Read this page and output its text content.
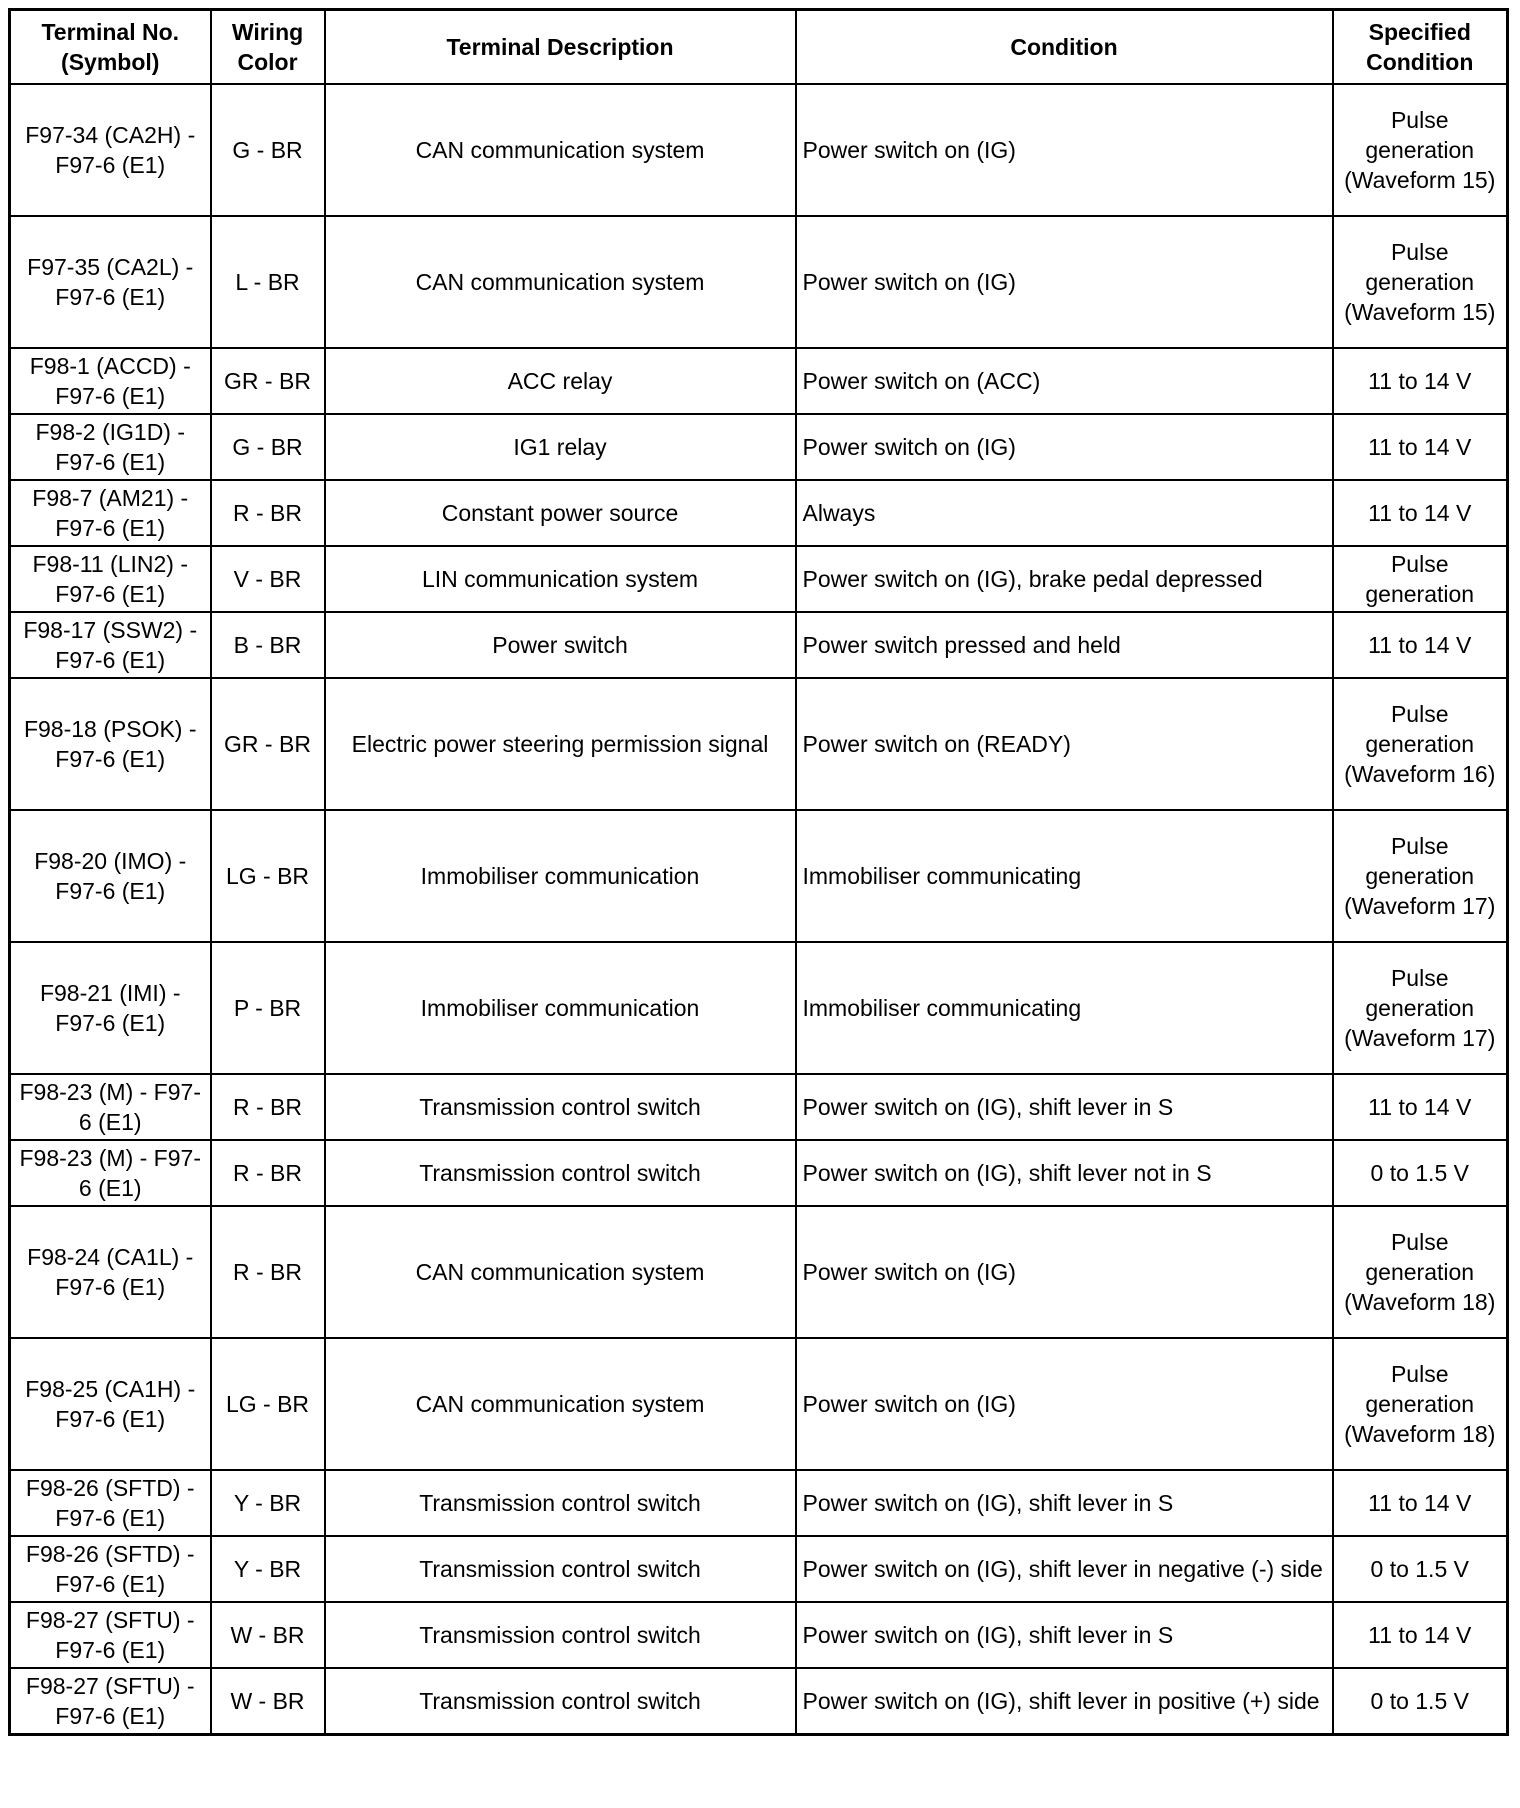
Terminal No. (Symbol)	Wiring Color	Terminal Description	Condition	Specified Condition
F97-34 (CA2H) - F97-6 (E1)	G - BR	CAN communication system	Power switch on (IG)	Pulse generation (Waveform 15)
F97-35 (CA2L) - F97-6 (E1)	L - BR	CAN communication system	Power switch on (IG)	Pulse generation (Waveform 15)
F98-1 (ACCD) - F97-6 (E1)	GR - BR	ACC relay	Power switch on (ACC)	11 to 14 V
F98-2 (IG1D) - F97-6 (E1)	G - BR	IG1 relay	Power switch on (IG)	11 to 14 V
F98-7 (AM21) - F97-6 (E1)	R - BR	Constant power source	Always	11 to 14 V
F98-11 (LIN2) - F97-6 (E1)	V - BR	LIN communication system	Power switch on (IG), brake pedal depressed	Pulse generation
F98-17 (SSW2) - F97-6 (E1)	B - BR	Power switch	Power switch pressed and held	11 to 14 V
F98-18 (PSOK) - F97-6 (E1)	GR - BR	Electric power steering permission signal	Power switch on (READY)	Pulse generation (Waveform 16)
F98-20 (IMO) - F97-6 (E1)	LG - BR	Immobiliser communication	Immobiliser communicating	Pulse generation (Waveform 17)
F98-21 (IMI) - F97-6 (E1)	P - BR	Immobiliser communication	Immobiliser communicating	Pulse generation (Waveform 17)
F98-23 (M) - F97-6 (E1)	R - BR	Transmission control switch	Power switch on (IG), shift lever in S	11 to 14 V
F98-23 (M) - F97-6 (E1)	R - BR	Transmission control switch	Power switch on (IG), shift lever not in S	0 to 1.5 V
F98-24 (CA1L) - F97-6 (E1)	R - BR	CAN communication system	Power switch on (IG)	Pulse generation (Waveform 18)
F98-25 (CA1H) - F97-6 (E1)	LG - BR	CAN communication system	Power switch on (IG)	Pulse generation (Waveform 18)
F98-26 (SFTD) - F97-6 (E1)	Y - BR	Transmission control switch	Power switch on (IG), shift lever in S	11 to 14 V
F98-26 (SFTD) - F97-6 (E1)	Y - BR	Transmission control switch	Power switch on (IG), shift lever in negative (-) side	0 to 1.5 V
F98-27 (SFTU) - F97-6 (E1)	W - BR	Transmission control switch	Power switch on (IG), shift lever in S	11 to 14 V
F98-27 (SFTU) - F97-6 (E1)	W - BR	Transmission control switch	Power switch on (IG), shift lever in positive (+) side	0 to 1.5 V
